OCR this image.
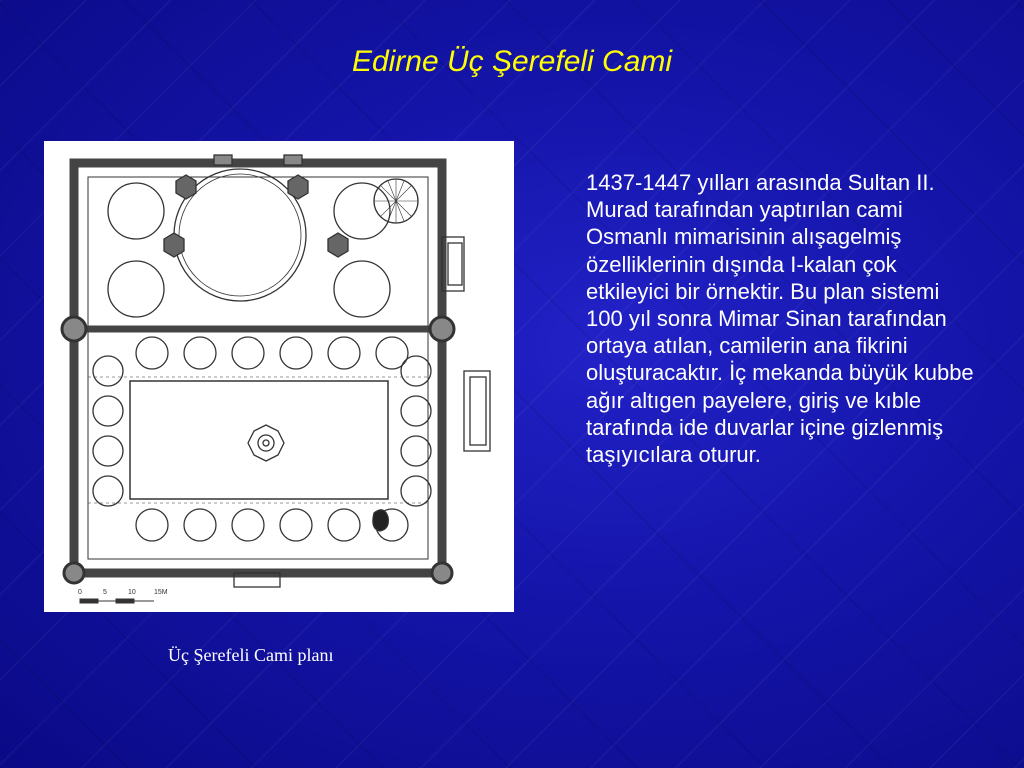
Edirne Üç Şerefeli Cami
0	5	10	15M
Üç Şerefeli Cami planı

1437-1447 yılları arasında Sultan II. Murad tarafından yaptırılan cami Osmanlı mimarisinin alışagelmiş özelliklerinin dışında I-kalan çok etkileyici bir örnektir. Bu plan sistemi 100 yıl sonra Mimar Sinan tarafından ortaya atılan, camilerin ana fikrini oluşturacaktır. İç mekanda büyük kubbe ağır altıgen payelere, giriş ve kıble tarafında ide duvarlar içine gizlenmiş taşıyıcılara oturur.
